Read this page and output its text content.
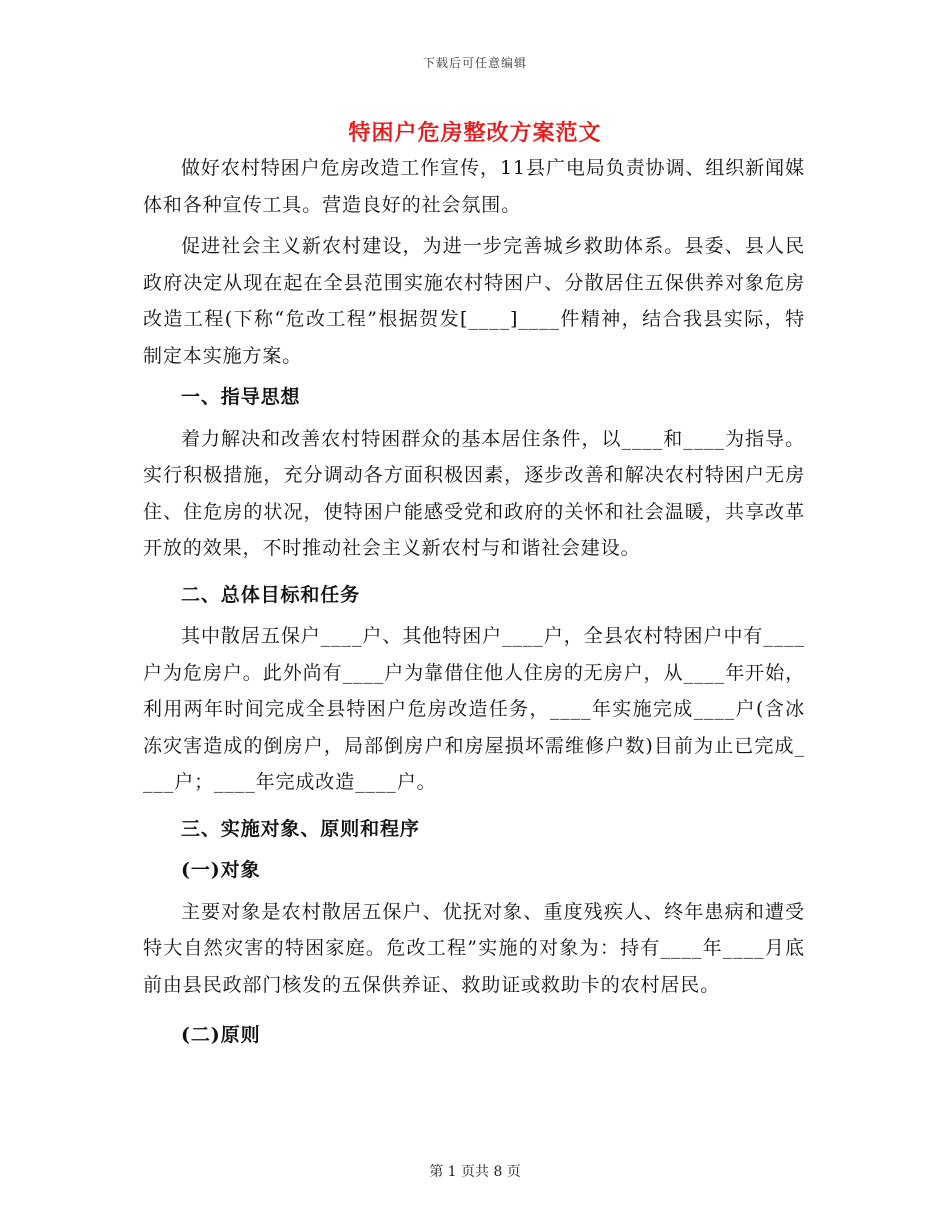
下载后可任意编辑
特困户危房整改方案范文

做好农村特困户危房改造工作宣传，11县广电局负责协调、组织新闻媒体和各种宣传工具。营造良好的社会氛围。

促进社会主义新农村建设，为进一步完善城乡救助体系。县委、县人民政府决定从现在起在全县范围实施农村特困户、分散居住五保供养对象危房改造工程(下称“危改工程”根据贺发[____]____件精神，结合我县实际，特制定本实施方案。

一、指导思想

着力解决和改善农村特困群众的基本居住条件，以____和____为指导。实行积极措施，充分调动各方面积极因素，逐步改善和解决农村特困户无房住、住危房的状况，使特困户能感受党和政府的关怀和社会温暖，共享改革开放的效果，不时推动社会主义新农村与和谐社会建设。

二、总体目标和任务

其中散居五保户____户、其他特困户____户，全县农村特困户中有____户为危房户。此外尚有____户为靠借住他人住房的无房户，从____年开始，利用两年时间完成全县特困户危房改造任务，____年实施完成____户(含冰冻灾害造成的倒房户，局部倒房户和房屋损坏需维修户数)目前为止已完成____户；____年完成改造____户。

三、实施对象、原则和程序
(一)对象

主要对象是农村散居五保户、优抚对象、重度残疾人、终年患病和遭受特大自然灾害的特困家庭。危改工程”实施的对象为：持有____年____月底前由县民政部门核发的五保供养证、救助证或救助卡的农村居民。

(二)原则
第 1 页共 8 页
